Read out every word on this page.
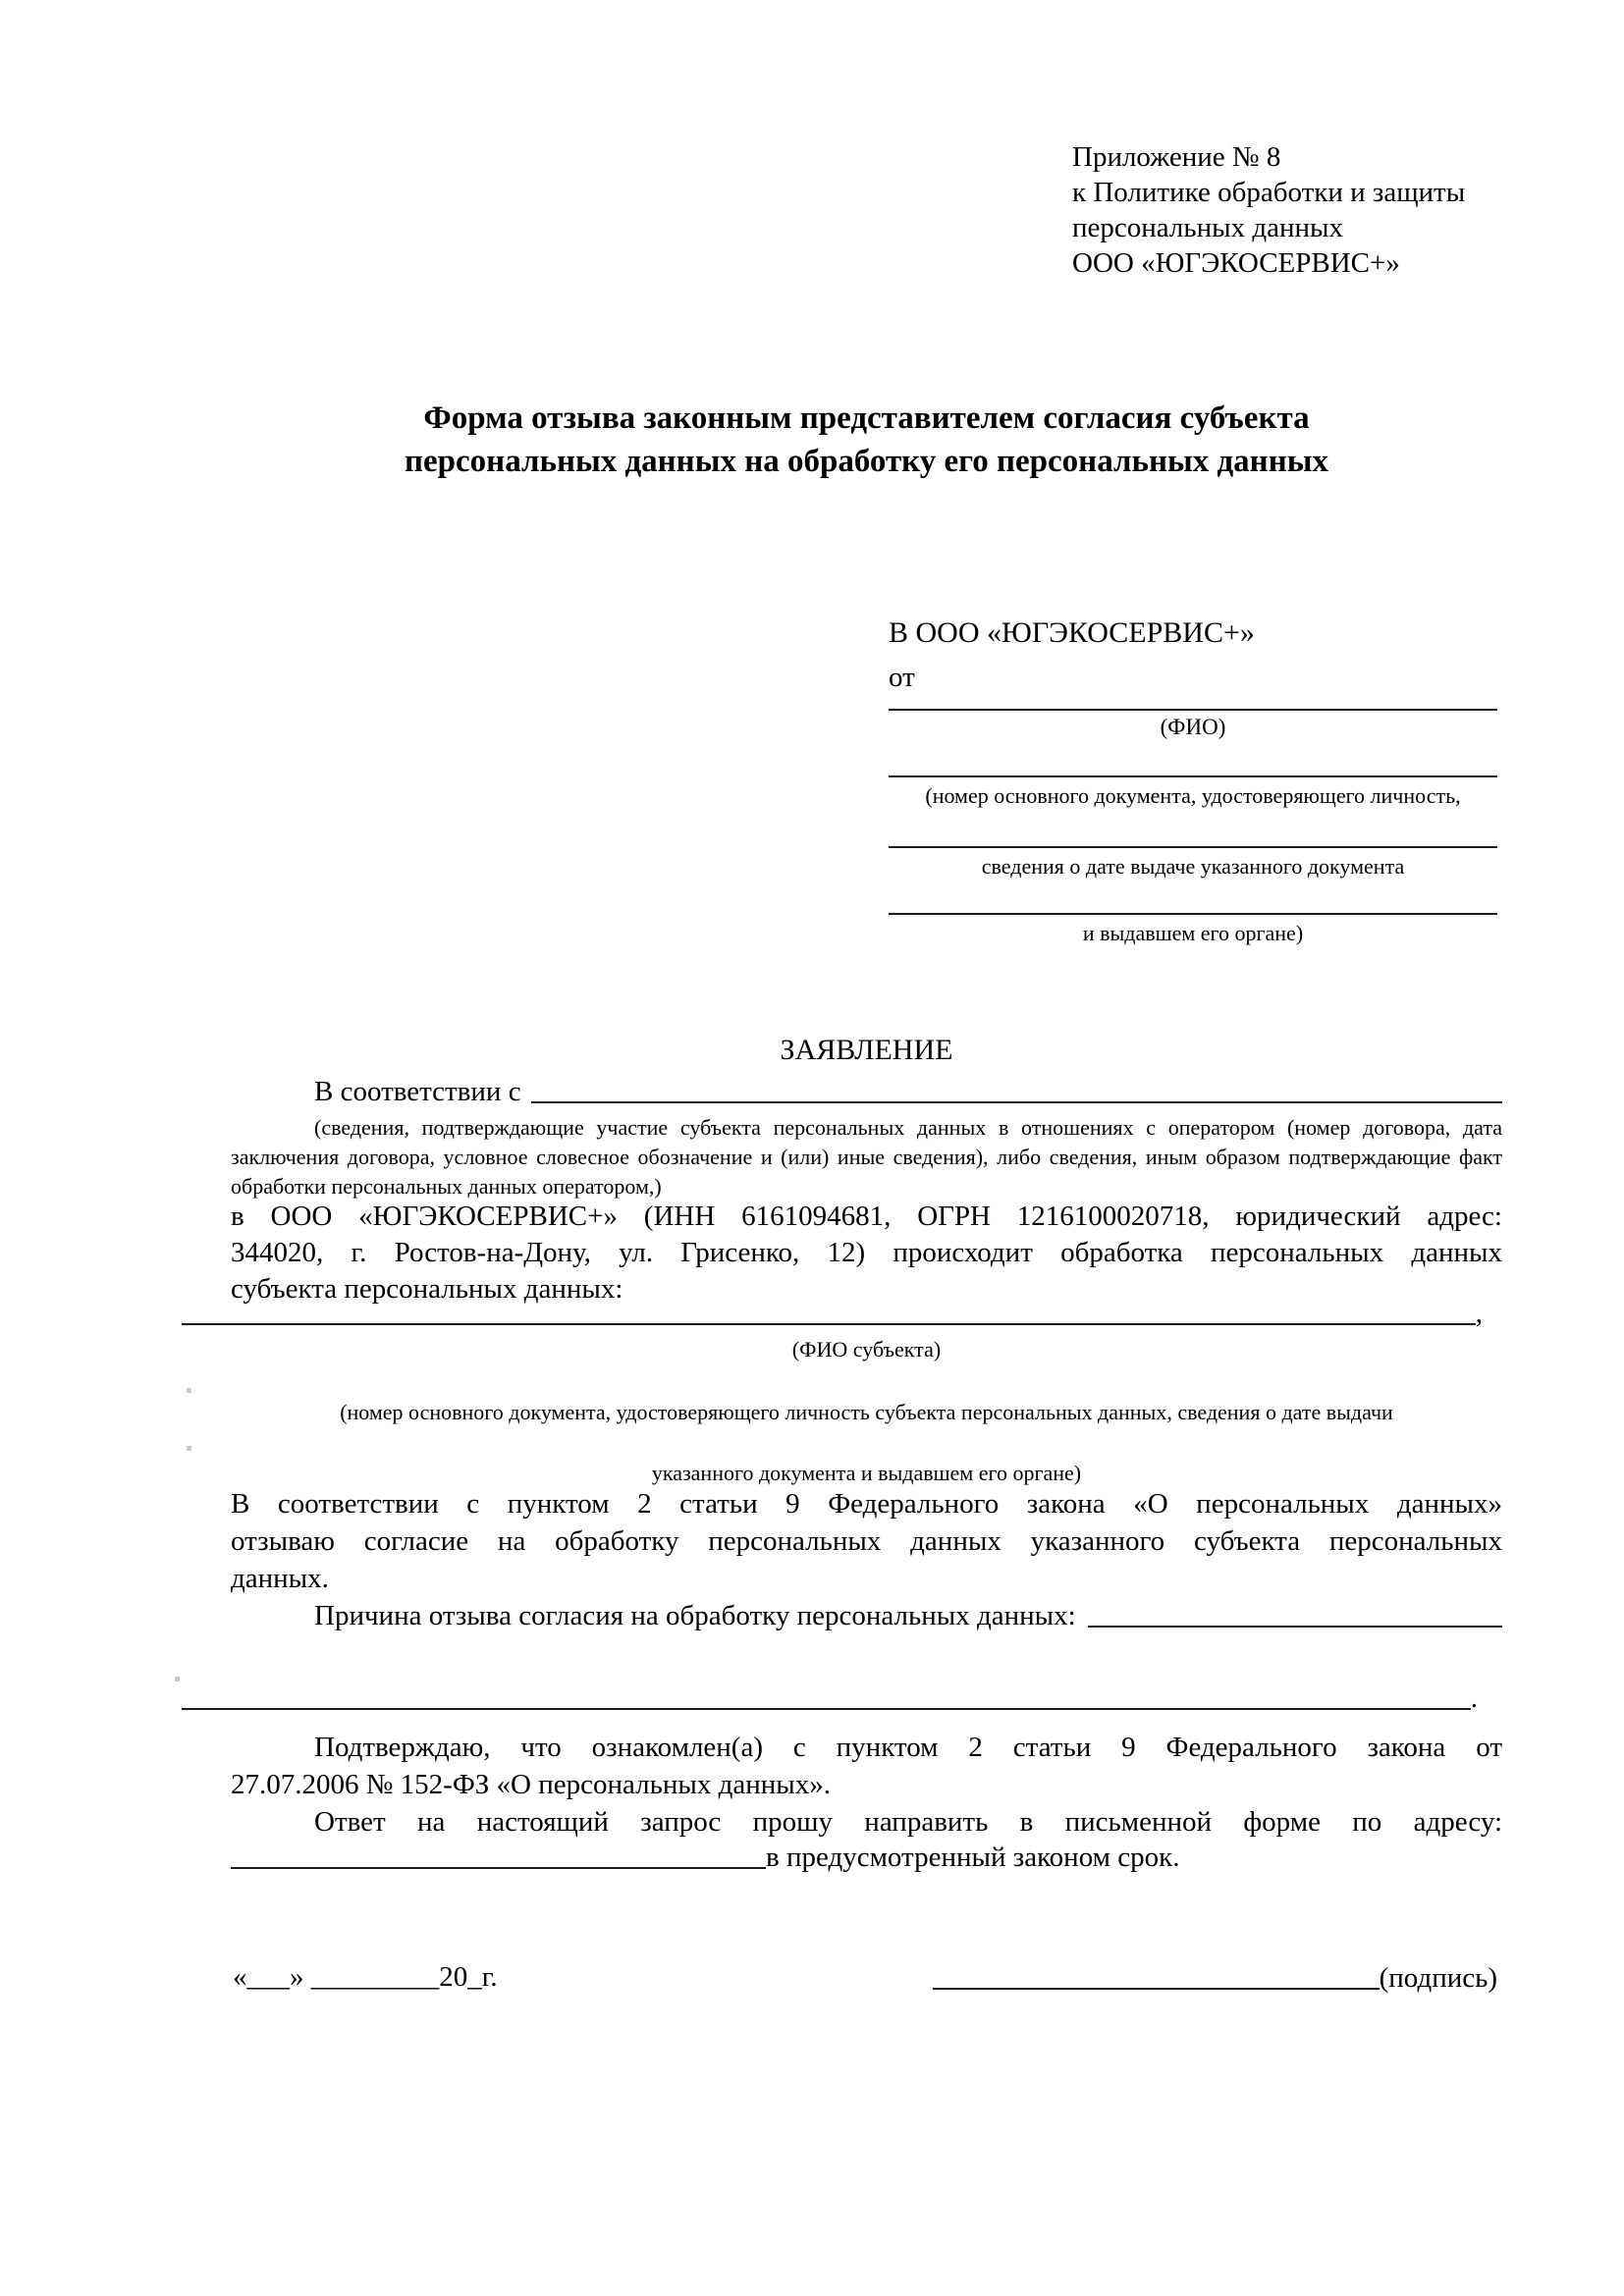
Приложение № 8
к Политике обработки и защиты
персональных данных
ООО «ЮГЭКОСЕРВИС+»
Форма отзыва законным представителем согласия субъекта
персональных данных на обработку его персональных данных
В ООО «ЮГЭКОСЕРВИС+»
от
(ФИО)
(номер основного документа, удостоверяющего личность,
сведения о дате выдаче указанного документа
и выдавшем его органе)
ЗАЯВЛЕНИЕ
В соответствии с
(сведения, подтверждающие участие субъекта персональных данных в отношениях с оператором (номер договора, дата
заключения договора, условное словесное обозначение и (или) иные сведения), либо сведения, иным образом подтверждающие факт
обработки персональных данных оператором,)
в ООО «ЮГЭКОСЕРВИС+» (ИНН 6161094681, ОГРН 1216100020718, юридический адрес:
344020, г. Ростов-на-Дону, ул. Грисенко, 12) происходит обработка персональных данных
субъекта персональных данных:
,
(ФИО субъекта)
(номер основного документа, удостоверяющего личность субъекта персональных данных, сведения о дате выдачи
указанного документа и выдавшем его органе)
В соответствии с пунктом 2 статьи 9 Федерального закона «О персональных данных»
отзываю согласие на обработку персональных данных указанного субъекта персональных
данных.
Причина отзыва согласия на обработку персональных данных:
.
Подтверждаю, что ознакомлен(а) с пунктом 2 статьи 9 Федерального закона от
27.07.2006 № 152-ФЗ «О персональных данных».
Ответ на настоящий запрос прошу направить в письменной форме по адресу:
в предусмотренный законом срок.
«___» _________20_г.	(подпись)
